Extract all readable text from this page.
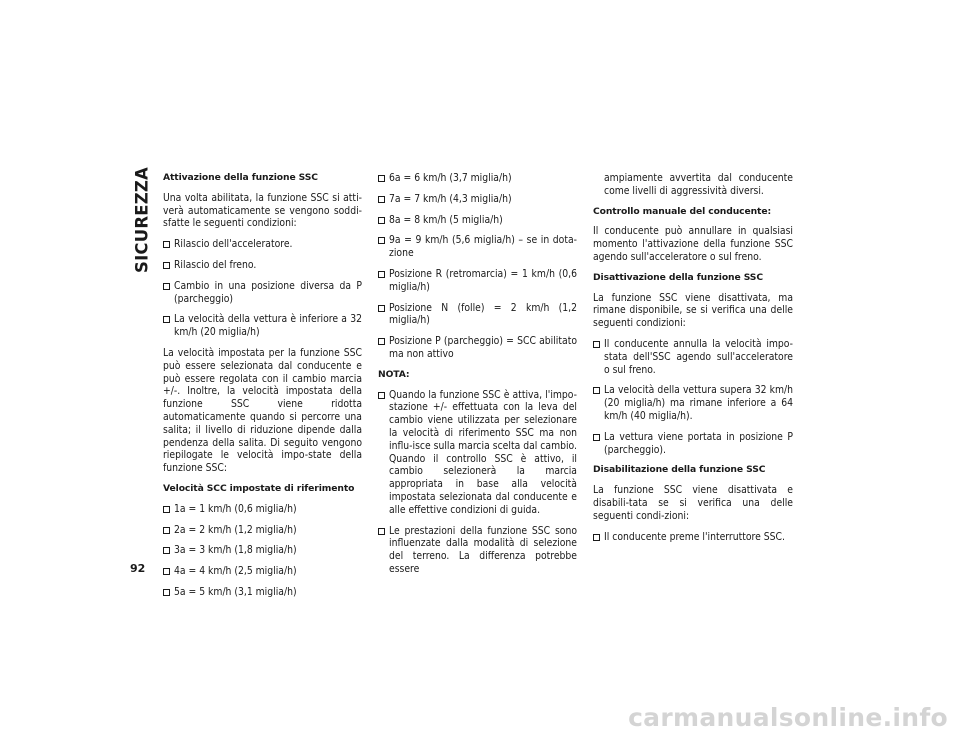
SICUREZZA
92
Attivazione della funzione SSC
Una volta abilitata, la funzione SSC si atti-verà automaticamente se vengono soddi-sfatte le seguenti condizioni:
Rilascio dell'acceleratore.
Rilascio del freno.
Cambio in una posizione diversa da P (parcheggio)
La velocità della vettura è inferiore a 32 km/h (20 miglia/h)
La velocità impostata per la funzione SSC può essere selezionata dal conducente e può essere regolata con il cambio marcia +/-. Inoltre, la velocità impostata della funzione SSC viene ridotta automaticamente quando si percorre una salita; il livello di riduzione dipende dalla pendenza della salita. Di seguito vengono riepilogate le velocità impo-state della funzione SSC:
Velocità SCC impostate di riferimento
1a = 1 km/h (0,6 miglia/h)
2a = 2 km/h (1,2 miglia/h)
3a = 3 km/h (1,8 miglia/h)
4a = 4 km/h (2,5 miglia/h)
5a = 5 km/h (3,1 miglia/h)
6a = 6 km/h (3,7 miglia/h)
7a = 7 km/h (4,3 miglia/h)
8a = 8 km/h (5 miglia/h)
9a = 9 km/h (5,6 miglia/h) – se in dota-zione
Posizione R (retromarcia) = 1 km/h (0,6 miglia/h)
Posizione N (folle) = 2 km/h (1,2 miglia/h)
Posizione P (parcheggio) = SCC abilitato ma non attivo
NOTA:
Quando la funzione SSC è attiva, l'impo-stazione +/- effettuata con la leva del cambio viene utilizzata per selezionare la velocità di riferimento SSC ma non influ-isce sulla marcia scelta dal cambio. Quando il controllo SSC è attivo, il cambio selezionerà la marcia appropriata in base alla velocità impostata selezionata dal conducente e alle effettive condizioni di guida.
Le prestazioni della funzione SSC sono influenzate dalla modalità di selezione del terreno. La differenza potrebbe essere
ampiamente avvertita dal conducente come livelli di aggressività diversi.
Controllo manuale del conducente:
Il conducente può annullare in qualsiasi momento l'attivazione della funzione SSC agendo sull'acceleratore o sul freno.
Disattivazione della funzione SSC
La funzione SSC viene disattivata, ma rimane disponibile, se si verifica una delle seguenti condizioni:
Il conducente annulla la velocità impo-stata dell'SSC agendo sull'acceleratore o sul freno.
La velocità della vettura supera 32 km/h (20 miglia/h) ma rimane inferiore a 64 km/h (40 miglia/h).
La vettura viene portata in posizione P (parcheggio).
Disabilitazione della funzione SSC
La funzione SSC viene disattivata e disabili-tata se si verifica una delle seguenti condi-zioni:
Il conducente preme l'interruttore SSC.
carmanualsonline.info
